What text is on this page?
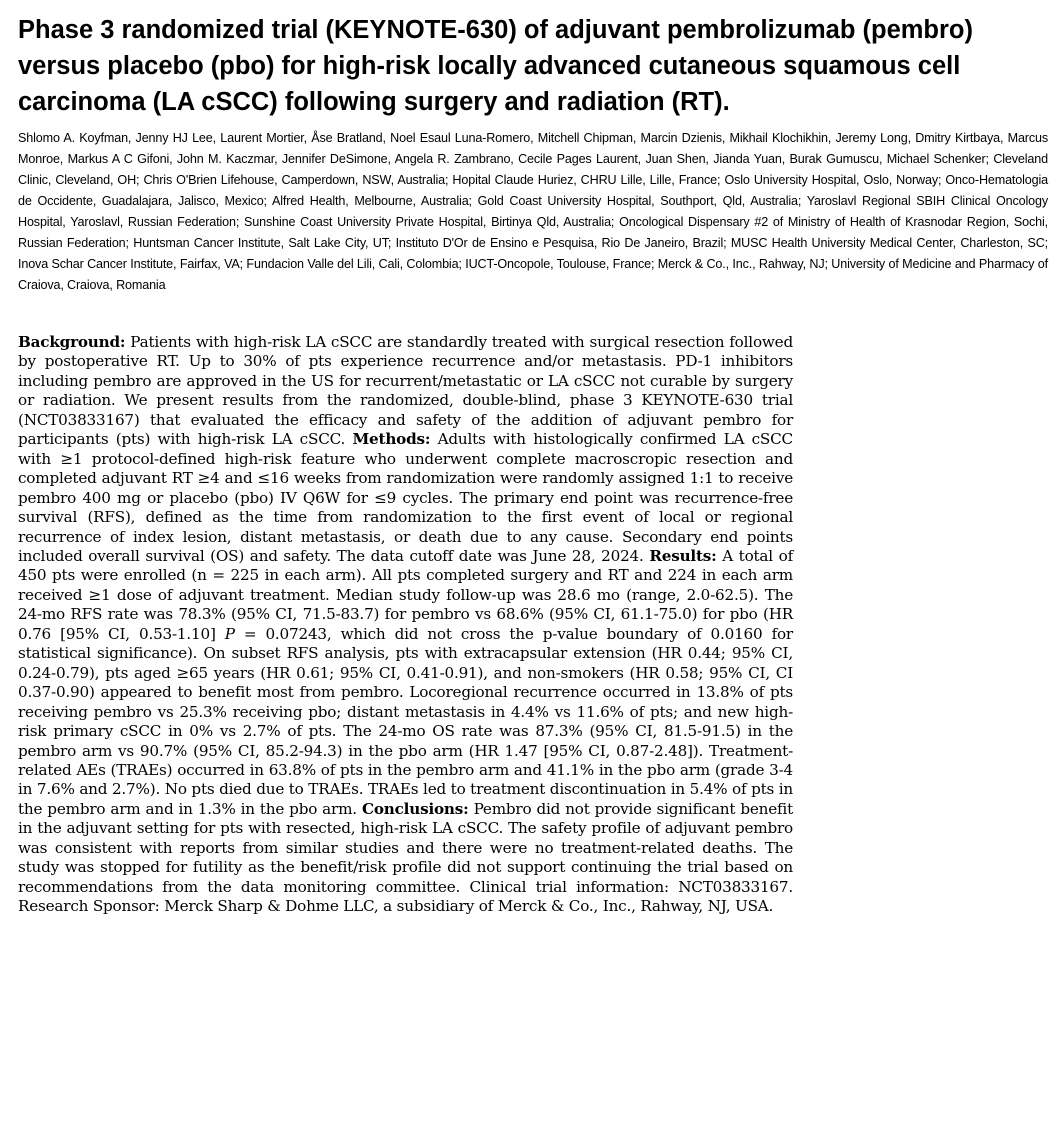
Phase 3 randomized trial (KEYNOTE-630) of adjuvant pembrolizumab (pembro) versus placebo (pbo) for high-risk locally advanced cutaneous squamous cell carcinoma (LA cSCC) following surgery and radiation (RT).

Shlomo A. Koyfman, Jenny HJ Lee, Laurent Mortier, Åse Bratland, Noel Esaul Luna-Romero, Mitchell Chipman, Marcin Dzienis, Mikhail Klochikhin, Jeremy Long, Dmitry Kirtbaya, Marcus Monroe, Markus A C Gifoni, John M. Kaczmar, Jennifer DeSimone, Angela R. Zambrano, Cecile Pages Laurent, Juan Shen, Jianda Yuan, Burak Gumuscu, Michael Schenker; Cleveland Clinic, Cleveland, OH; Chris O'Brien Lifehouse, Camperdown, NSW, Australia; Hopital Claude Huriez, CHRU Lille, Lille, France; Oslo University Hospital, Oslo, Norway; Onco-Hematologia de Occidente, Guadalajara, Jalisco, Mexico; Alfred Health, Melbourne, Australia; Gold Coast University Hospital, Southport, Qld, Australia; Yaroslavl Regional SBIH Clinical Oncology Hospital, Yaroslavl, Russian Federation; Sunshine Coast University Private Hospital, Birtinya Qld, Australia; Oncological Dispensary #2 of Ministry of Health of Krasnodar Region, Sochi, Russian Federation; Huntsman Cancer Institute, Salt Lake City, UT; Instituto D'Or de Ensino e Pesquisa, Rio De Janeiro, Brazil; MUSC Health University Medical Center, Charleston, SC; Inova Schar Cancer Institute, Fairfax, VA; Fundacion Valle del Lili, Cali, Colombia; IUCT-Oncopole, Toulouse, France; Merck & Co., Inc., Rahway, NJ; University of Medicine and Pharmacy of Craiova, Craiova, Romania

Background: Patients with high-risk LA cSCC are standardly treated with surgical resection followed by postoperative RT. Up to 30% of pts experience recurrence and/or metastasis. PD-1 inhibitors including pembro are approved in the US for recurrent/metastatic or LA cSCC not curable by surgery or radiation. We present results from the randomized, double-blind, phase 3 KEYNOTE-630 trial (NCT03833167) that evaluated the efficacy and safety of the addition of adjuvant pembro for participants (pts) with high-risk LA cSCC. Methods: Adults with histologically confirmed LA cSCC with ≥1 protocol-defined high-risk feature who underwent complete macroscropic resection and completed adjuvant RT ≥4 and ≤16 weeks from randomization were randomly assigned 1:1 to receive pembro 400 mg or placebo (pbo) IV Q6W for ≤9 cycles. The primary end point was recurrence-free survival (RFS), defined as the time from randomization to the first event of local or regional recurrence of index lesion, distant metastasis, or death due to any cause. Secondary end points included overall survival (OS) and safety. The data cutoff date was June 28, 2024. Results: A total of 450 pts were enrolled (n = 225 in each arm). All pts completed surgery and RT and 224 in each arm received ≥1 dose of adjuvant treatment. Median study follow-up was 28.6 mo (range, 2.0-62.5). The 24-mo RFS rate was 78.3% (95% CI, 71.5-83.7) for pembro vs 68.6% (95% CI, 61.1-75.0) for pbo (HR 0.76 [95% CI, 0.53-1.10] P = 0.07243, which did not cross the p-value boundary of 0.0160 for statistical significance). On subset RFS analysis, pts with extracapsular extension (HR 0.44; 95% CI, 0.24-0.79), pts aged ≥65 years (HR 0.61; 95% CI, 0.41-0.91), and non-smokers (HR 0.58; 95% CI, CI 0.37-0.90) appeared to benefit most from pembro. Locoregional recurrence occurred in 13.8% of pts receiving pembro vs 25.3% receiving pbo; distant metastasis in 4.4% vs 11.6% of pts; and new high-risk primary cSCC in 0% vs 2.7% of pts. The 24-mo OS rate was 87.3% (95% CI, 81.5-91.5) in the pembro arm vs 90.7% (95% CI, 85.2-94.3) in the pbo arm (HR 1.47 [95% CI, 0.87-2.48]). Treatment-related AEs (TRAEs) occurred in 63.8% of pts in the pembro arm and 41.1% in the pbo arm (grade 3-4 in 7.6% and 2.7%). No pts died due to TRAEs. TRAEs led to treatment discontinuation in 5.4% of pts in the pembro arm and in 1.3% in the pbo arm. Conclusions: Pembro did not provide significant benefit in the adjuvant setting for pts with resected, high-risk LA cSCC. The safety profile of adjuvant pembro was consistent with reports from similar studies and there were no treatment-related deaths. The study was stopped for futility as the benefit/risk profile did not support continuing the trial based on recommendations from the data monitoring committee. Clinical trial information: NCT03833167. Research Sponsor: Merck Sharp & Dohme LLC, a subsidiary of Merck & Co., Inc., Rahway, NJ, USA.
